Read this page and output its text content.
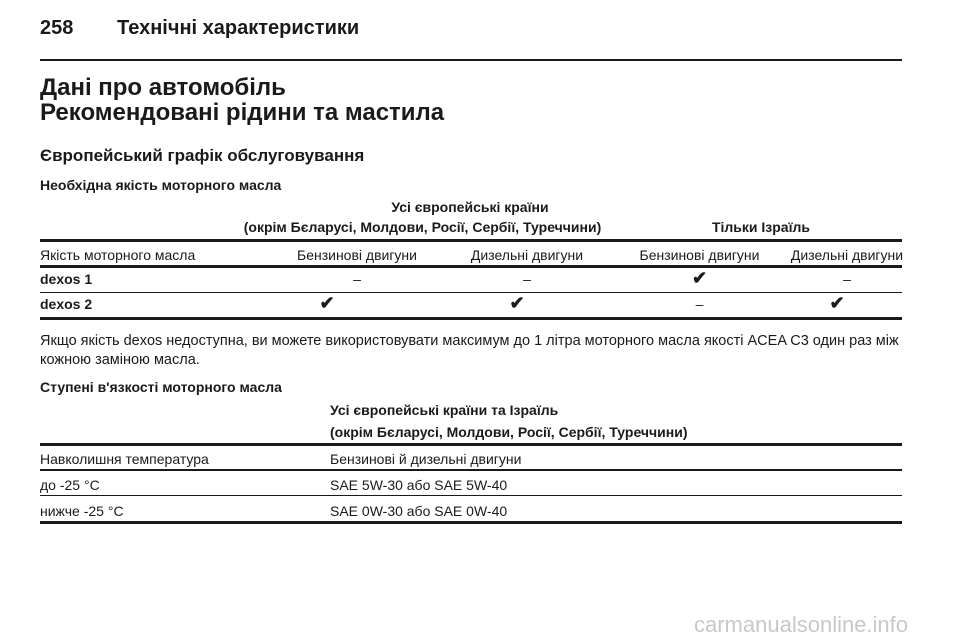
258 Технічні характеристики
Дані про автомобіль
Рекомендовані рідини та мастила
Європейський графік обслуговування
Необхідна якість моторного масла
Усі європейські країни
(окрім Бєларусі, Молдови, Росії, Сербії, Туреччини)	Тільки Ізраїль
Якість моторного масла	Бензинові двигуни	Дизельні двигуни	Бензинові двигуни	Дизельні двигуни
dexos 1	–	–	✔	–
dexos 2	✔	✔	–	✔
Якщо якість dexos недоступна, ви можете використовувати максимум до 1 літра моторного масла якості ACEA C3 один раз між кожною заміною масла.
Ступені в'язкості моторного масла
Усі європейські країни та Ізраїль
(окрім Бєларусі, Молдови, Росії, Сербії, Туреччини)
Навколишня температура	Бензинові й дизельні двигуни
до -25 °C	SAE 5W-30 або SAE 5W-40
нижче -25 °C	SAE 0W-30 або SAE 0W-40
carmanualsonline.info
